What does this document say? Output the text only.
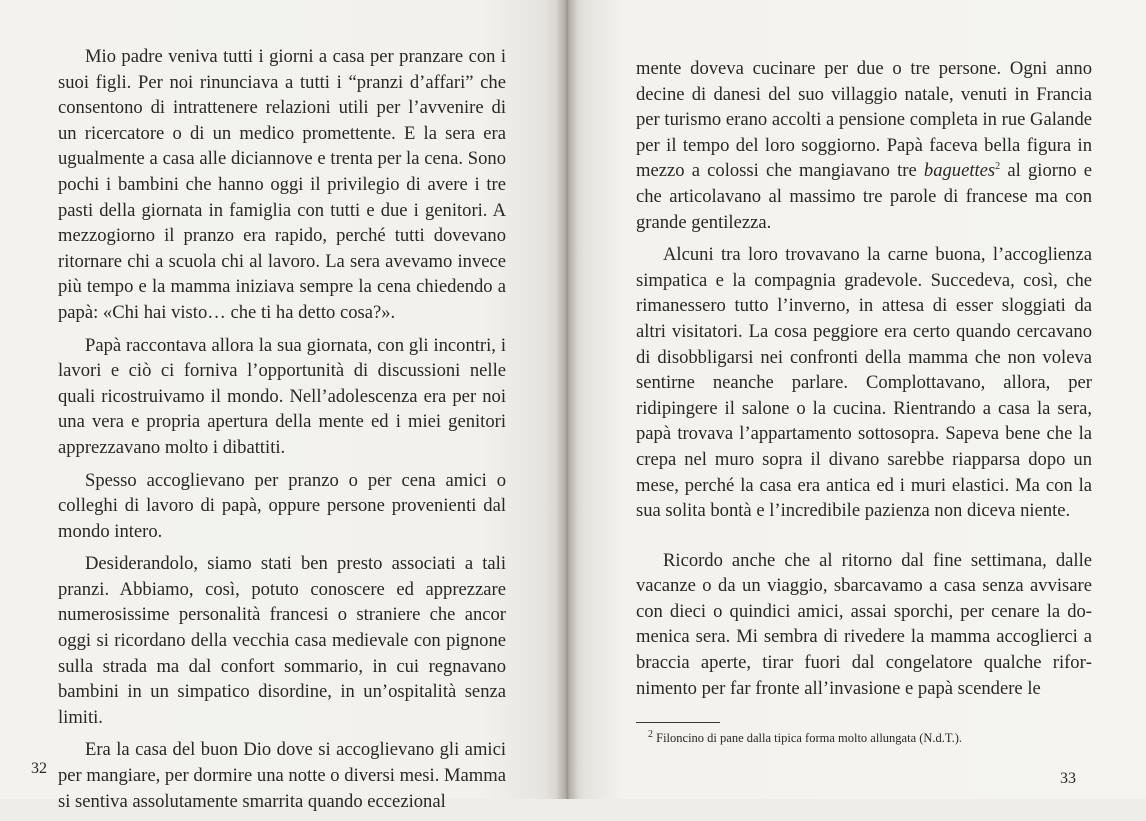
Mio padre veniva tutti i giorni a casa per pranzare con i suoi figli. Per noi rinunciava a tutti i “pranzi d’affari” che consentono di intrattenere relazioni utili per l’avvenire di un ricercatore o di un medico promettente. E la sera era ugualmente a casa alle diciannove e trenta per la cena. Sono pochi i bambini che hanno oggi il privilegio di avere i tre pasti della giornata in famiglia con tutti e due i genitori. A mezzogiorno il pranzo era rapido, perché tutti dovevano ritornare chi a scuola chi al lavoro. La sera avevamo invece più tempo e la mamma iniziava sempre la cena chiedendo a papà: «Chi hai visto… che ti ha detto cosa?».

Papà raccontava allora la sua giornata, con gli incontri, i lavori e ciò ci forniva l’opportunità di discussioni nelle quali ricostruivamo il mondo. Nell’adolescenza era per noi una vera e propria apertura della mente ed i miei genitori apprezzavano molto i dibattiti.

Spesso accoglievano per pranzo o per cena amici o colleghi di lavoro di papà, oppure persone provenienti dal mondo intero.

Desiderandolo, siamo stati ben presto associati a tali pranzi. Abbiamo, così, potuto conoscere ed apprezzare numerosissime personalità francesi o straniere che ancor oggi si ricordano della vecchia casa medievale con pignone sulla strada ma dal confort sommario, in cui regnavano bambini in un simpatico disordine, in un’ospitalità senza limiti.

Era la casa del buon Dio dove si accoglievano gli amici per mangiare, per dormire una notte o diversi mesi. Mamma si sentiva assolutamente smarrita quando eccezional

32

mente doveva cucinare per due o tre persone. Ogni anno decine di danesi del suo villaggio natale, venuti in Francia per turismo erano accolti a pensione completa in rue Galande per il tempo del loro soggiorno. Papà faceva bella figura in mezzo a colossi che mangiavano tre baguettes$^2$ al giorno e che articolavano al massimo tre parole di francese ma con grande gentilezza.

Alcuni tra loro trovavano la carne buona, l’accoglienza simpatica e la compagnia gradevole. Succedeva, così, che rimanessero tutto l’inverno, in attesa di esser sloggiati da altri visitatori. La cosa peggiore era certo quando cercavano di disobbligarsi nei confronti della mamma che non voleva sentirne neanche parlare. Complottavano, allora, per ridipingere il salone o la cucina. Rientrando a casa la sera, papà trovava l’appartamento sottosopra. Sapeva bene che la crepa nel muro sopra il divano sarebbe riapparsa dopo un mese, perché la casa era antica ed i muri elastici. Ma con la sua solita bontà e l’incredibile pazienza non diceva niente.

Ricordo anche che al ritorno dal fine settimana, dalle vacanze o da un viaggio, sbarcavamo a casa senza avvisare con dieci o quindici amici, assai sporchi, per cenare la domenica sera. Mi sembra di rivedere la mamma accoglierci a braccia aperte, tirar fuori dal congelatore qualche rifornimento per far fronte all’invasione e papà scendere le

$^2$ Filoncino di pane dalla tipica forma molto allungata (N.d.T.).
33
